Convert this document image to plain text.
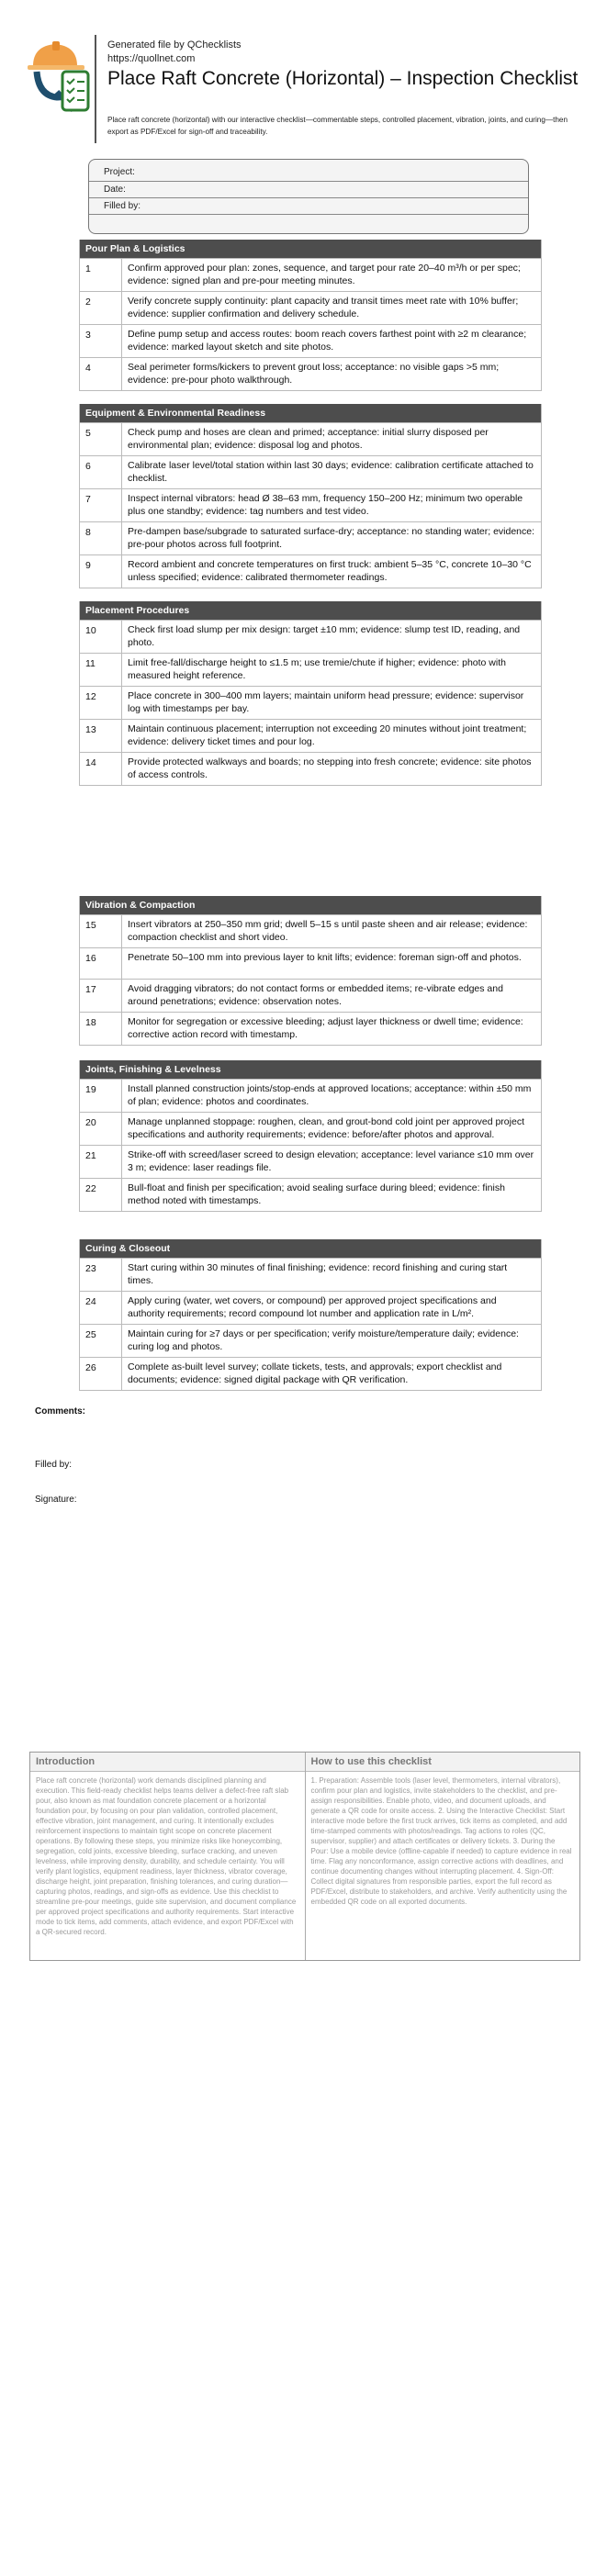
Generated file by QChecklists
https://quollnet.com
Place Raft Concrete (Horizontal) – Inspection Checklist
Place raft concrete (horizontal) with our interactive checklist—commentable steps, controlled placement, vibration, joints, and curing—then export as PDF/Excel for sign-off and traceability.
Project:
Date:
Filled by:
Pour Plan & Logistics
1	Confirm approved pour plan: zones, sequence, and target pour rate 20–40 m³/h or per spec; evidence: signed plan and pre-pour meeting minutes.
2	Verify concrete supply continuity: plant capacity and transit times meet rate with 10% buffer; evidence: supplier confirmation and delivery schedule.
3	Define pump setup and access routes: boom reach covers farthest point with ≥2 m clearance; evidence: marked layout sketch and site photos.
4	Seal perimeter forms/kickers to prevent grout loss; acceptance: no visible gaps >5 mm; evidence: pre-pour photo walkthrough.
Equipment & Environmental Readiness
5	Check pump and hoses are clean and primed; acceptance: initial slurry disposed per environmental plan; evidence: disposal log and photos.
6	Calibrate laser level/total station within last 30 days; evidence: calibration certificate attached to checklist.
7	Inspect internal vibrators: head Ø 38–63 mm, frequency 150–200 Hz; minimum two operable plus one standby; evidence: tag numbers and test video.
8	Pre-dampen base/subgrade to saturated surface-dry; acceptance: no standing water; evidence: pre-pour photos across full footprint.
9	Record ambient and concrete temperatures on first truck: ambient 5–35 °C, concrete 10–30 °C unless specified; evidence: calibrated thermometer readings.
Placement Procedures
10	Check first load slump per mix design: target ±10 mm; evidence: slump test ID, reading, and photo.
11	Limit free-fall/discharge height to ≤1.5 m; use tremie/chute if higher; evidence: photo with measured height reference.
12	Place concrete in 300–400 mm layers; maintain uniform head pressure; evidence: supervisor log with timestamps per bay.
13	Maintain continuous placement; interruption not exceeding 20 minutes without joint treatment; evidence: delivery ticket times and pour log.
14	Provide protected walkways and boards; no stepping into fresh concrete; evidence: site photos of access controls.
Vibration & Compaction
15	Insert vibrators at 250–350 mm grid; dwell 5–15 s until paste sheen and air release; evidence: compaction checklist and short video.
16	Penetrate 50–100 mm into previous layer to knit lifts; evidence: foreman sign-off and photos.
17	Avoid dragging vibrators; do not contact forms or embedded items; re-vibrate edges and around penetrations; evidence: observation notes.
18	Monitor for segregation or excessive bleeding; adjust layer thickness or dwell time; evidence: corrective action record with timestamp.
Joints, Finishing & Levelness
19	Install planned construction joints/stop-ends at approved locations; acceptance: within ±50 mm of plan; evidence: photos and coordinates.
20	Manage unplanned stoppage: roughen, clean, and grout-bond cold joint per approved project specifications and authority requirements; evidence: before/after photos and approval.
21	Strike-off with screed/laser screed to design elevation; acceptance: level variance ≤10 mm over 3 m; evidence: laser readings file.
22	Bull-float and finish per specification; avoid sealing surface during bleed; evidence: finish method noted with timestamps.
Curing & Closeout
23	Start curing within 30 minutes of final finishing; evidence: record finishing and curing start times.
24	Apply curing (water, wet covers, or compound) per approved project specifications and authority requirements; record compound lot number and application rate in L/m².
25	Maintain curing for ≥7 days or per specification; verify moisture/temperature daily; evidence: curing log and photos.
26	Complete as-built level survey; collate tickets, tests, and approvals; export checklist and documents; evidence: signed digital package with QR verification.
Comments:
Filled by:
Signature:
Introduction
Place raft concrete (horizontal) work demands disciplined planning and execution. This field-ready checklist helps teams deliver a defect-free raft slab pour, also known as mat foundation concrete placement or a horizontal foundation pour, by focusing on pour plan validation, controlled placement, effective vibration, joint management, and curing. It intentionally excludes reinforcement inspections to maintain tight scope on concrete placement operations. By following these steps, you minimize risks like honeycombing, segregation, cold joints, excessive bleeding, surface cracking, and uneven levelness, while improving density, durability, and schedule certainty. You will verify plant logistics, equipment readiness, layer thickness, vibrator coverage, discharge height, joint preparation, finishing tolerances, and curing duration—capturing photos, readings, and sign-offs as evidence. Use this checklist to streamline pre-pour meetings, guide site supervision, and document compliance per approved project specifications and authority requirements. Start interactive mode to tick items, add comments, attach evidence, and export PDF/Excel with a QR-secured record.
How to use this checklist
1. Preparation: Assemble tools (laser level, thermometers, internal vibrators), confirm pour plan and logistics, invite stakeholders to the checklist, and pre-assign responsibilities. Enable photo, video, and document uploads, and generate a QR code for onsite access. 2. Using the Interactive Checklist: Start interactive mode before the first truck arrives, tick items as completed, and add time-stamped comments with photos/readings. Tag actions to roles (QC, supervisor, supplier) and attach certificates or delivery tickets. 3. During the Pour: Use a mobile device (offline-capable if needed) to capture evidence in real time. Flag any nonconformance, assign corrective actions with deadlines, and continue documenting changes without interrupting placement. 4. Sign-Off: Collect digital signatures from responsible parties, export the full record as PDF/Excel, distribute to stakeholders, and archive. Verify authenticity using the embedded QR code on all exported documents.
